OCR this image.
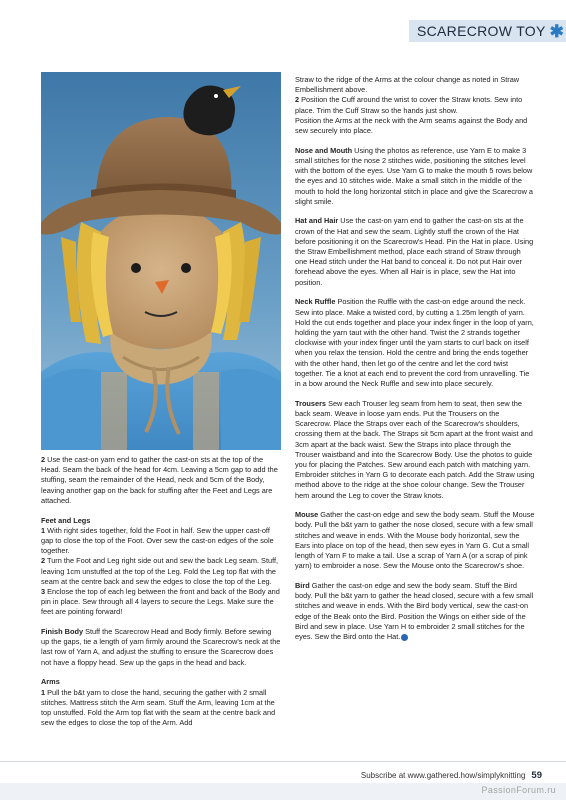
SCARECROW TOY ✱

2 Use the cast-on yarn end to gather the cast-on sts at the top of the Head. Seam the back of the head for 4cm. Leaving a 5cm gap to add the stuffing, seam the remainder of the Head, neck and 5cm of the Body, leaving another gap on the back for stuffing after the Feet and Legs are attached.

Feet and Legs

1 With right sides together, fold the Foot in half. Sew the upper cast-off gap to close the top of the Foot. Over sew the cast-on edges of the sole together.

2 Turn the Foot and Leg right side out and sew the back Leg seam. Stuff, leaving 1cm unstuffed at the top of the Leg. Fold the Leg top flat with the seam at the centre back and sew the edges to close the top of the Leg.

3 Enclose the top of each leg between the front and back of the Body and pin in place. Sew through all 4 layers to secure the Legs. Make sure the feet are pointing forward!

Finish Body Stuff the Scarecrow Head and Body firmly. Before sewing up the gaps, tie a length of yarn firmly around the Scarecrow's neck at the last row of Yarn A, and adjust the stuffing to ensure the Scarecrow does not have a floppy head. Sew up the gaps in the head and back.

Arms

1 Pull the b&t yarn to close the hand, securing the gather with 2 small stitches. Mattress stitch the Arm seam. Stuff the Arm, leaving 1cm at the top unstuffed. Fold the Arm top flat with the seam at the centre back and sew the edges to close the top of the Arm. Add

Straw to the ridge of the Arms at the colour change as noted in Straw Embellishment above.

2 Position the Cuff around the wrist to cover the Straw knots. Sew into place. Trim the Cuff Straw so the hands just show.

Position the Arms at the neck with the Arm seams against the Body and sew securely into place.

Nose and Mouth Using the photos as reference, use Yarn E to make 3 small stitches for the nose 2 stitches wide, positioning the stitches level with the bottom of the eyes. Use Yarn G to make the mouth 5 rows below the eyes and 10 stitches wide. Make a small stitch in the middle of the mouth to hold the long horizontal stitch in place and give the Scarecrow a slight smile.

Hat and Hair Use the cast-on yarn end to gather the cast-on sts at the crown of the Hat and sew the seam. Lightly stuff the crown of the Hat before positioning it on the Scarecrow's Head. Pin the Hat in place. Using the Straw Embellishment method, place each strand of Straw through one Head stitch under the Hat band to conceal it. Do not put Hair over forehead above the eyes. When all Hair is in place, sew the Hat into position.

Neck Ruffle Position the Ruffle with the cast-on edge around the neck. Sew into place. Make a twisted cord, by cutting a 1.25m length of yarn. Hold the cut ends together and place your index finger in the loop of yarn, holding the yarn taut with the other hand. Twist the 2 strands together clockwise with your index finger until the yarn starts to curl back on itself when you relax the tension. Hold the centre and bring the ends together with the other hand, then let go of the centre and let the cord twist together. Tie a knot at each end to prevent the cord from unravelling. Tie in a bow around the Neck Ruffle and sew into place securely.

Trousers Sew each Trouser leg seam from hem to seat, then sew the back seam. Weave in loose yarn ends. Put the Trousers on the Scarecrow. Place the Straps over each of the Scarecrow's shoulders, crossing them at the back. The Straps sit 5cm apart at the front waist and 3cm apart at the back waist. Sew the Straps into place through the Trouser waistband and into the Scarecrow Body. Use the photos to guide you for placing the Patches. Sew around each patch with matching yarn. Embroider stitches in Yarn G to decorate each patch. Add the Straw using method above to the ridge at the shoe colour change. Sew the Trouser hem around the Leg to cover the Straw knots.

Mouse Gather the cast-on edge and sew the body seam. Stuff the Mouse body. Pull the b&t yarn to gather the nose closed, secure with a few small stitches and weave in ends. With the Mouse body horizontal, sew the Ears into place on top of the head, then sew eyes in Yarn G. Cut a small length of Yarn F to make a tail. Use a scrap of Yarn A (or a scrap of pink yarn) to embroider a nose. Sew the Mouse onto the Scarecrow's shoe.

Bird Gather the cast-on edge and sew the body seam. Stuff the Bird body. Pull the b&t yarn to gather the head closed, secure with a few small stitches and weave in ends. With the Bird body vertical, sew the cast-on edge of the Beak onto the Bird. Position the Wings on either side of the Bird and sew in place. Use Yarn H to embroider 2 small stitches for the eyes. Sew the Bird onto the Hat.

Subscribe at www.gathered.how/simplyknitting 59
PassionForum.ru
